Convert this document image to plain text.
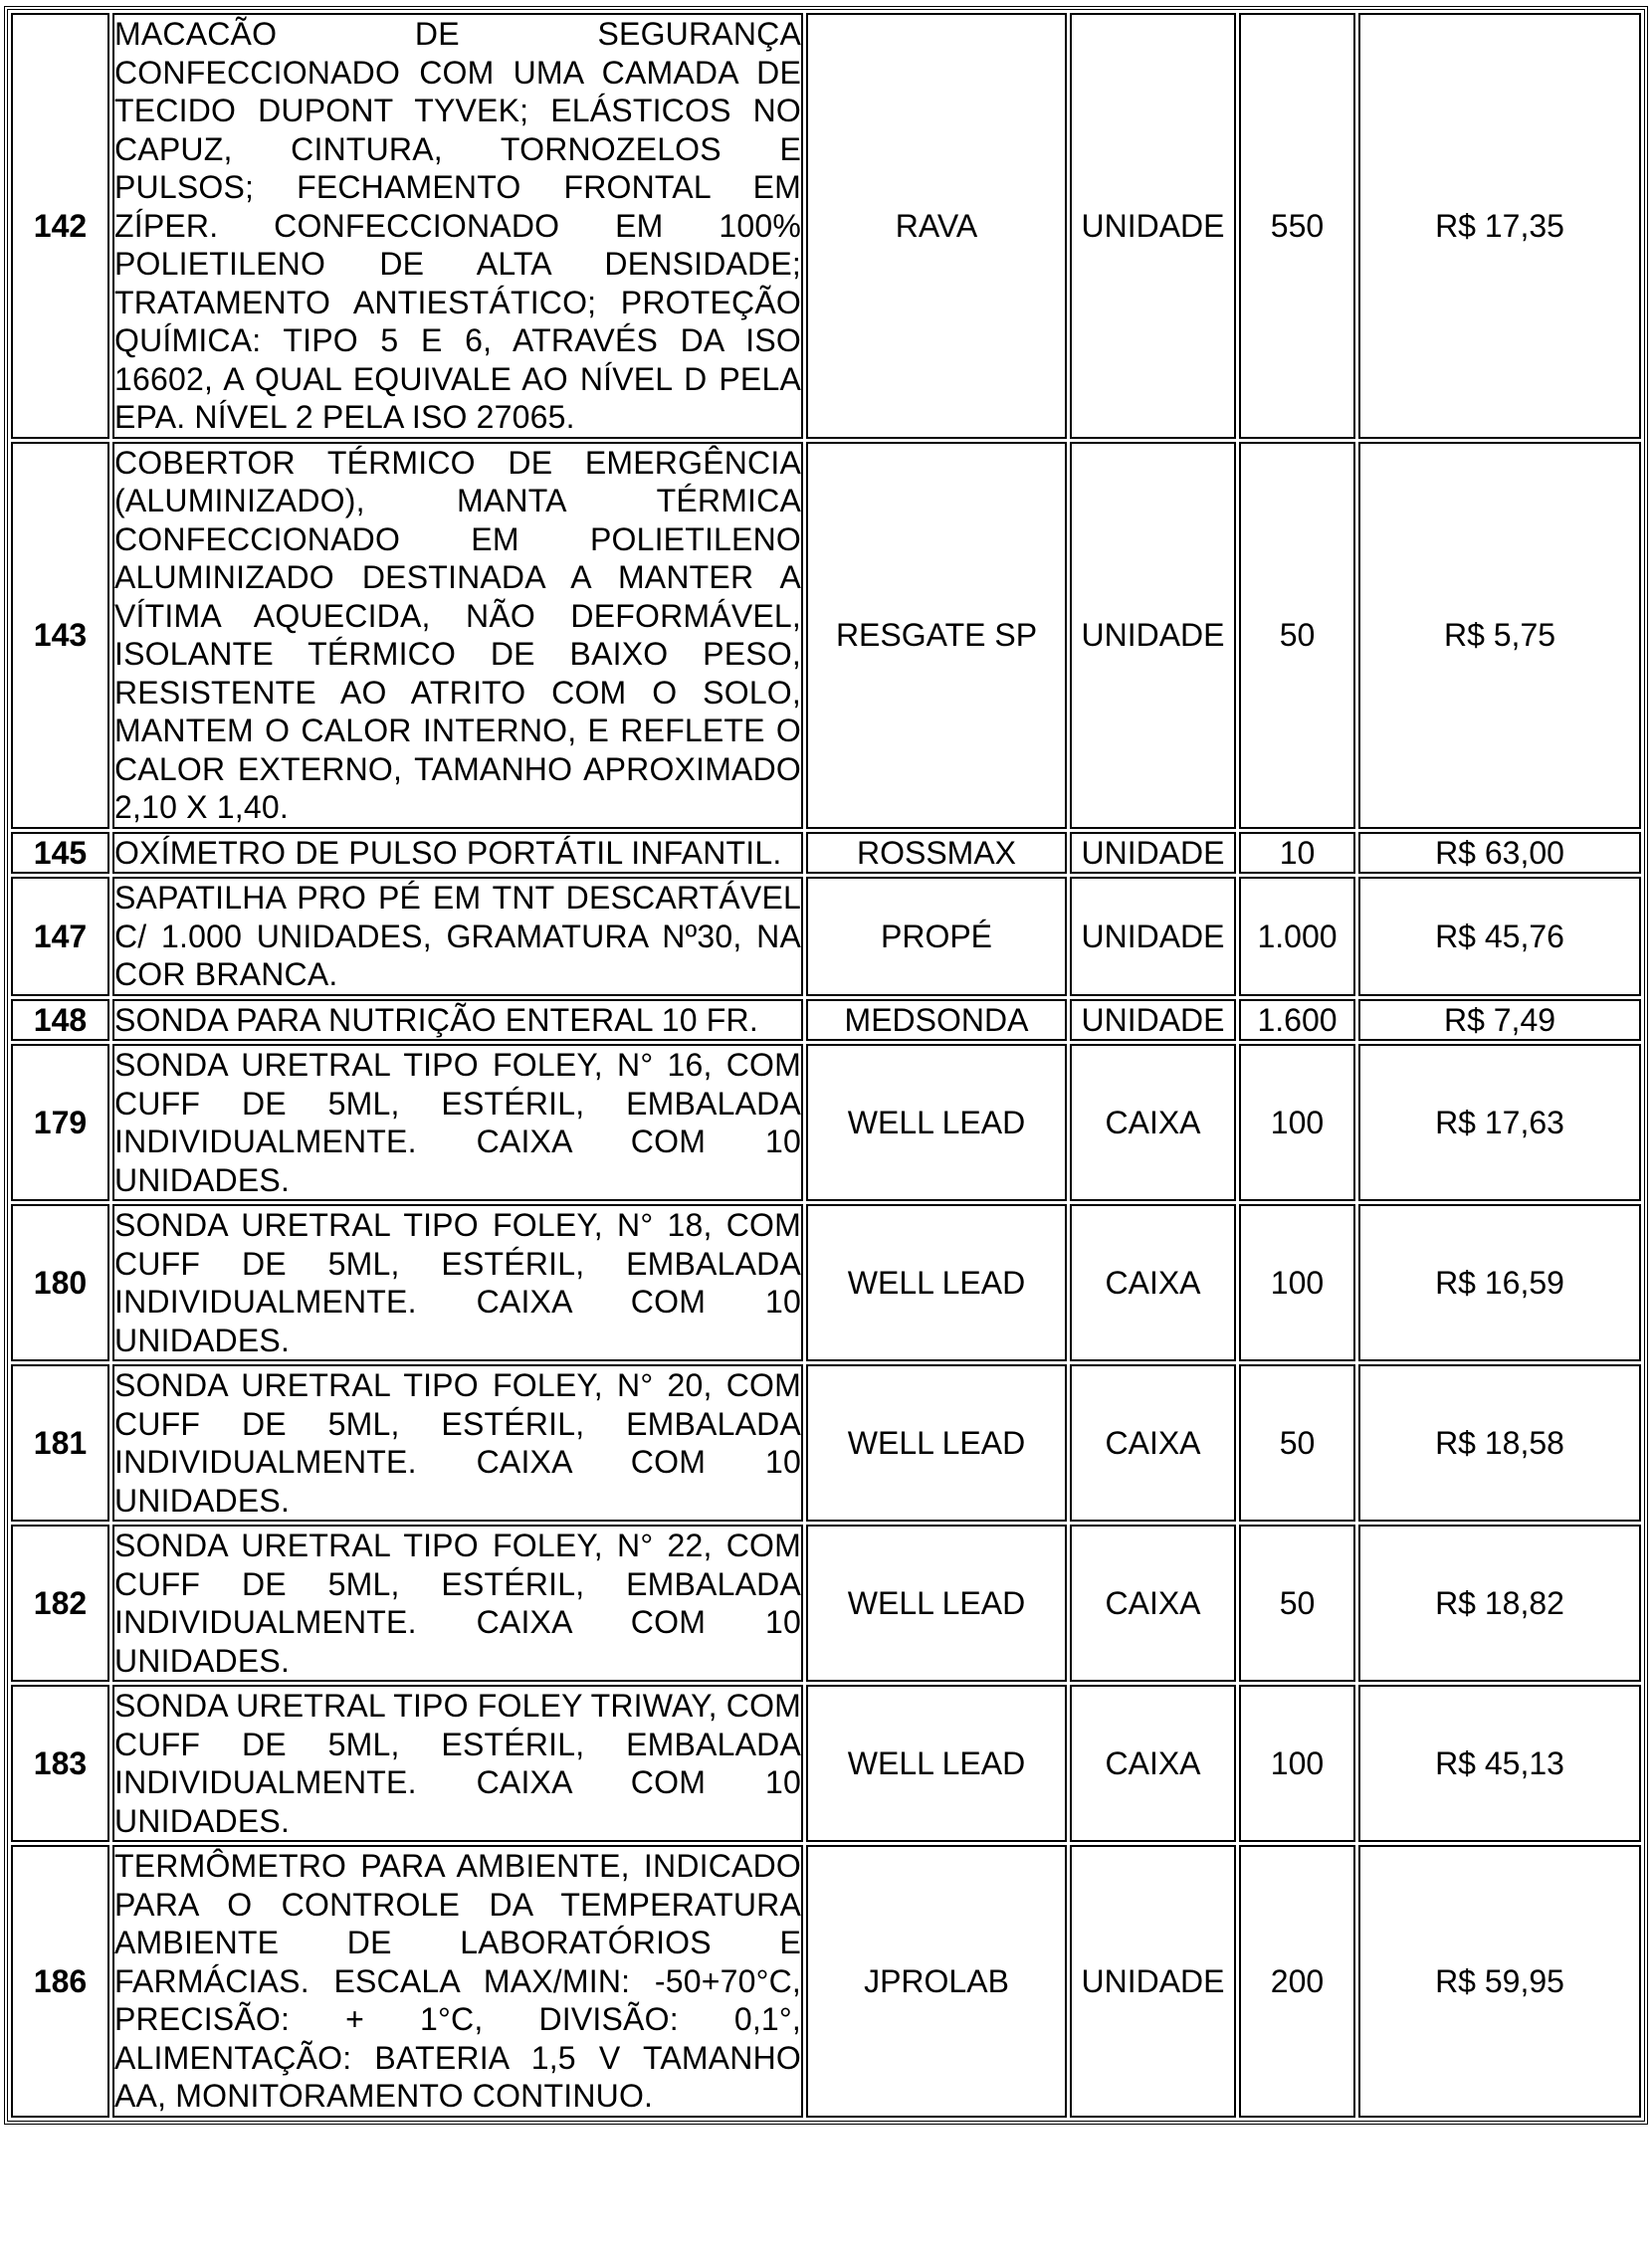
142	MACACÃO DE SEGURANÇA CONFECCIONADO COM UMA CAMADA DE TECIDO DUPONT TYVEK; ELÁSTICOS NO CAPUZ, CINTURA, TORNOZELOS E PULSOS; FECHAMENTO FRONTAL EM ZÍPER. CONFECCIONADO EM 100% POLIETILENO DE ALTA DENSIDADE; TRATAMENTO ANTIESTÁTICO; PROTEÇÃO QUÍMICA: TIPO 5 E 6, ATRAVÉS DA ISO 16602, A QUAL EQUIVALE AO NÍVEL D PELA EPA. NÍVEL 2 PELA ISO 27065.	RAVA	UNIDADE	550	R$ 17,35
143	COBERTOR TÉRMICO DE EMERGÊNCIA (ALUMINIZADO), MANTA TÉRMICA CONFECCIONADO EM POLIETILENO ALUMINIZADO DESTINADA A MANTER A VÍTIMA AQUECIDA, NÃO DEFORMÁVEL, ISOLANTE TÉRMICO DE BAIXO PESO, RESISTENTE AO ATRITO COM O SOLO, MANTEM O CALOR INTERNO, E REFLETE O CALOR EXTERNO, TAMANHO APROXIMADO 2,10 X 1,40.	RESGATE SP	UNIDADE	50	R$ 5,75
145	OXÍMETRO DE PULSO PORTÁTIL INFANTIL.	ROSSMAX	UNIDADE	10	R$ 63,00
147	SAPATILHA PRO PÉ EM TNT DESCARTÁVEL C/ 1.000 UNIDADES, GRAMATURA Nº30, NA COR BRANCA.	PROPÉ	UNIDADE	1.000	R$ 45,76
148	SONDA PARA NUTRIÇÃO ENTERAL 10 FR.	MEDSONDA	UNIDADE	1.600	R$ 7,49
179	SONDA URETRAL TIPO FOLEY, N° 16, COM CUFF DE 5ML, ESTÉRIL, EMBALADA INDIVIDUALMENTE. CAIXA COM 10 UNIDADES.	WELL LEAD	CAIXA	100	R$ 17,63
180	SONDA URETRAL TIPO FOLEY, N° 18, COM CUFF DE 5ML, ESTÉRIL, EMBALADA INDIVIDUALMENTE. CAIXA COM 10 UNIDADES.	WELL LEAD	CAIXA	100	R$ 16,59
181	SONDA URETRAL TIPO FOLEY, N° 20, COM CUFF DE 5ML, ESTÉRIL, EMBALADA INDIVIDUALMENTE. CAIXA COM 10 UNIDADES.	WELL LEAD	CAIXA	50	R$ 18,58
182	SONDA URETRAL TIPO FOLEY, N° 22, COM CUFF DE 5ML, ESTÉRIL, EMBALADA INDIVIDUALMENTE. CAIXA COM 10 UNIDADES.	WELL LEAD	CAIXA	50	R$ 18,82
183	SONDA URETRAL TIPO FOLEY TRIWAY, COM CUFF DE 5ML, ESTÉRIL, EMBALADA INDIVIDUALMENTE. CAIXA COM 10 UNIDADES.	WELL LEAD	CAIXA	100	R$ 45,13
186	TERMÔMETRO PARA AMBIENTE, INDICADO PARA O CONTROLE DA TEMPERATURA AMBIENTE DE LABORATÓRIOS E FARMÁCIAS. ESCALA MAX/MIN: -50+70°C, PRECISÃO: + 1°C, DIVISÃO: 0,1°, ALIMENTAÇÃO: BATERIA 1,5 V TAMANHO AA, MONITORAMENTO CONTINUO.	JPROLAB	UNIDADE	200	R$ 59,95
